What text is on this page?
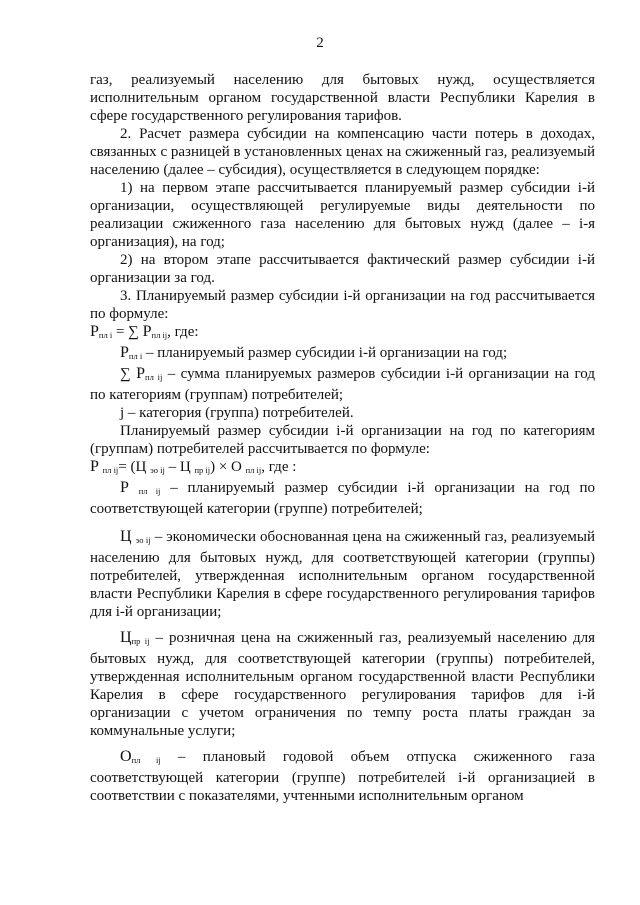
2

газ, реализуемый населению для бытовых нужд, осуществляется исполнительным органом государственной власти Республики Карелия в сфере государственного регулирования тарифов.

2. Расчет размера субсидии на компенсацию части потерь в доходах, связанных с разницей в установленных ценах на сжиженный газ, реализуемый населению (далее – субсидия), осуществляется в следующем порядке:

1) на первом этапе рассчитывается планируемый размер субсидии i-й организации, осуществляющей регулируемые виды деятельности по реализации сжиженного газа населению для бытовых нужд (далее – i-я организация), на год;

2) на втором этапе рассчитывается фактический размер субсидии i-й организации за год.

3. Планируемый размер субсидии i-й организации на год рассчитывается по формуле:

$Р_{пл i}$ = ∑ $Р_{пл ij}$, где:

$Р_{пл i}$ – планируемый размер субсидии i-й организации на год;

∑ $Р_{пл ij}$ – сумма планируемых размеров субсидии i-й организации на год по категориям (группам) потребителей;

j – категория (группа) потребителей.

Планируемый размер субсидии i-й организации на год по категориям (группам) потребителей рассчитывается по формуле:

Р $_{пл ij}$= (Ц $_{эо ij}$ – Ц $_{пр ij}$) × О $_{пл ij}$, где :

Р $_{пл ij}$ – планируемый размер субсидии i-й организации на год по соответствующей категории (группе) потребителей;

Ц $_{эо ij}$ – экономически обоснованная цена на сжиженный газ, реализуемый населению для бытовых нужд, для соответствующей категории (группы) потребителей, утвержденная исполнительным органом государственной власти Республики Карелия в сфере государственного регулирования тарифов для i-й организации;

$Ц_{пр ij}$ – розничная цена на сжиженный газ, реализуемый населению для бытовых нужд, для соответствующей категории (группы) потребителей, утвержденная исполнительным органом государственной власти Республики Карелия в сфере государственного регулирования тарифов для i-й организации с учетом ограничения по темпу роста платы граждан за коммунальные услуги;

$О_{пл ij}$ – плановый годовой объем отпуска сжиженного газа соответствующей категории (группе) потребителей i-й организацией в соответствии с показателями, учтенными исполнительным органом
